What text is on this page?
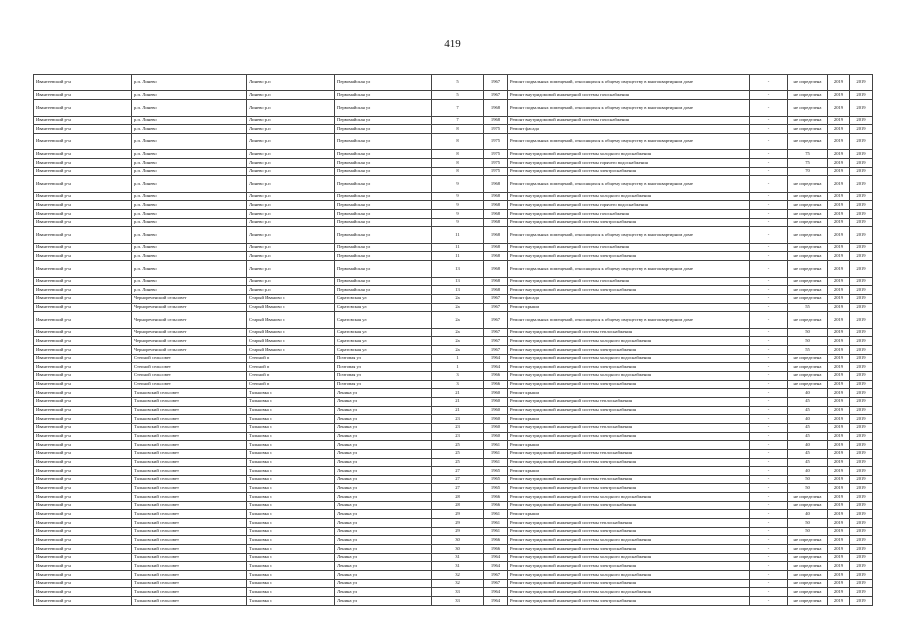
419
Ивантеевский р-н	р.п. Линево	Линево р.п	Первомайская ул	5	1967	Ремонт подвальных помещений, относящихся к общему имуществу в многоквартирном доме	-	не определена	2019	2019
Ивантеевский р-н	р.п. Линево	Линево р.п	Первомайская ул	5	1967	Ремонт внутридомовой инженерной системы газоснабжения	-	не определена	2019	2019
Ивантеевский р-н	р.п. Линево	Линево р.п	Первомайская ул	7	1968	Ремонт подвальных помещений, относящихся к общему имуществу в многоквартирном доме	-	не определена	2019	2019
Ивантеевский р-н	р.п. Линево	Линево р.п	Первомайская ул	7	1968	Ремонт внутридомовой инженерной системы газоснабжения	-	не определена	2019	2019
Ивантеевский р-н	р.п. Линево	Линево р.п	Первомайская ул	8	1975	Ремонт фасада	-	не определена	2019	2019
Ивантеевский р-н	р.п. Линево	Линево р.п	Первомайская ул	8	1975	Ремонт подвальных помещений, относящихся к общему имуществу в многоквартирном доме	-	не определена	2019	2019
Ивантеевский р-н	р.п. Линево	Линево р.п	Первомайская ул	8	1975	Ремонт внутридомовой инженерной системы холодного водоснабжения	-	75	2019	2019
Ивантеевский р-н	р.п. Линево	Линево р.п	Первомайская ул	8	1975	Ремонт внутридомовой инженерной системы горячего водоснабжения	-	75	2019	2019
Ивантеевский р-н	р.п. Линево	Линево р.п	Первомайская ул	8	1975	Ремонт внутридомовой инженерной системы электроснабжения	-	70	2019	2019
Ивантеевский р-н	р.п. Линево	Линево р.п	Первомайская ул	9	1968	Ремонт подвальных помещений, относящихся к общему имуществу в многоквартирном доме	-	не определена	2019	2019
Ивантеевский р-н	р.п. Линево	Линево р.п	Первомайская ул	9	1968	Ремонт внутридомовой инженерной системы холодного водоснабжения	-	не определена	2019	2019
Ивантеевский р-н	р.п. Линево	Линево р.п	Первомайская ул	9	1968	Ремонт внутридомовой инженерной системы горячего водоснабжения	-	не определена	2019	2019
Ивантеевский р-н	р.п. Линево	Линево р.п	Первомайская ул	9	1968	Ремонт внутридомовой инженерной системы газоснабжения	-	не определена	2019	2019
Ивантеевский р-н	р.п. Линево	Линево р.п	Первомайская ул	9	1968	Ремонт внутридомовой инженерной системы электроснабжения	-	не определена	2019	2019
Ивантеевский р-н	р.п. Линево	Линево р.п	Первомайская ул	11	1968	Ремонт подвальных помещений, относящихся к общему имуществу в многоквартирном доме	-	не определена	2019	2019
Ивантеевский р-н	р.п. Линево	Линево р.п	Первомайская ул	11	1968	Ремонт внутридомовой инженерной системы газоснабжения	-	не определена	2019	2019
Ивантеевский р-н	р.п. Линево	Линево р.п	Первомайская ул	11	1968	Ремонт внутридомовой инженерной системы электроснабжения	-	не определена	2019	2019
Ивантеевский р-н	р.п. Линево	Линево р.п	Первомайская ул	13	1968	Ремонт подвальных помещений, относящихся к общему имуществу в многоквартирном доме	-	не определена	2019	2019
Ивантеевский р-н	р.п. Линево	Линево р.п	Первомайская ул	13	1968	Ремонт внутридомовой инженерной системы газоснабжения	-	не определена	2019	2019
Ивантеевский р-н	р.п. Линево	Линево р.п	Первомайская ул	13	1968	Ремонт внутридомовой инженерной системы электроснабжения	-	не определена	2019	2019
Ивантеевский р-н	Чернореченский сельсовет	Старый Иваново с	Саратовская ул	2а	1967	Ремонт фасада	-	не определена	2019	2019
Ивантеевский р-н	Чернореченский сельсовет	Старый Иваново с	Саратовская ул	2а	1967	Ремонт крыши	-	55	2019	2019
Ивантеевский р-н	Чернореченский сельсовет	Старый Иваново с	Саратовская ул	2а	1967	Ремонт подвальных помещений, относящихся к общему имуществу в многоквартирном доме	-	не определена	2019	2019
Ивантеевский р-н	Чернореченский сельсовет	Старый Иваново с	Саратовская ул	2а	1967	Ремонт внутридомовой инженерной системы теплоснабжения	-	50	2019	2019
Ивантеевский р-н	Чернореченский сельсовет	Старый Иваново с	Саратовская ул	2а	1967	Ремонт внутридомовой инженерной системы холодного водоснабжения	-	50	2019	2019
Ивантеевский р-н	Чернореченский сельсовет	Старый Иваново с	Саратовская ул	2а	1967	Ремонт внутридомовой инженерной системы электроснабжения	-	55	2019	2019
Ивантеевский р-н	Степной сельсовет	Степной п	Почтовая ул	1	1964	Ремонт внутридомовой инженерной системы холодного водоснабжения	-	не определена	2019	2019
Ивантеевский р-н	Степной сельсовет	Степной п	Почтовая ул	1	1964	Ремонт внутридомовой инженерной системы электроснабжения	-	не определена	2019	2019
Ивантеевский р-н	Степной сельсовет	Степной п	Почтовая ул	3	1966	Ремонт внутридомовой инженерной системы холодного водоснабжения	-	не определена	2019	2019
Ивантеевский р-н	Степной сельсовет	Степной п	Почтовая ул	3	1966	Ремонт внутридомовой инженерной системы электроснабжения	-	не определена	2019	2019
Ивантеевский р-н	Тальковский сельсовет	Тальковка с	Ленина ул	21	1960	Ремонт крыши	-	40	2019	2019
Ивантеевский р-н	Тальковский сельсовет	Тальковка с	Ленина ул	21	1960	Ремонт внутридомовой инженерной системы теплоснабжения	-	45	2019	2019
Ивантеевский р-н	Тальковский сельсовет	Тальковка с	Ленина ул	21	1960	Ремонт внутридомовой инженерной системы электроснабжения	-	45	2019	2019
Ивантеевский р-н	Тальковский сельсовет	Тальковка с	Ленина ул	23	1960	Ремонт крыши	-	40	2019	2019
Ивантеевский р-н	Тальковский сельсовет	Тальковка с	Ленина ул	23	1960	Ремонт внутридомовой инженерной системы теплоснабжения	-	45	2019	2019
Ивантеевский р-н	Тальковский сельсовет	Тальковка с	Ленина ул	23	1960	Ремонт внутридомовой инженерной системы электроснабжения	-	45	2019	2019
Ивантеевский р-н	Тальковский сельсовет	Тальковка с	Ленина ул	25	1961	Ремонт крыши	-	40	2019	2019
Ивантеевский р-н	Тальковский сельсовет	Тальковка с	Ленина ул	25	1961	Ремонт внутридомовой инженерной системы теплоснабжения	-	45	2019	2019
Ивантеевский р-н	Тальковский сельсовет	Тальковка с	Ленина ул	25	1961	Ремонт внутридомовой инженерной системы электроснабжения	-	45	2019	2019
Ивантеевский р-н	Тальковский сельсовет	Тальковка с	Ленина ул	27	1965	Ремонт крыши	-	40	2019	2019
Ивантеевский р-н	Тальковский сельсовет	Тальковка с	Ленина ул	27	1965	Ремонт внутридомовой инженерной системы теплоснабжения	-	50	2019	2019
Ивантеевский р-н	Тальковский сельсовет	Тальковка с	Ленина ул	27	1965	Ремонт внутридомовой инженерной системы электроснабжения	-	50	2019	2019
Ивантеевский р-н	Тальковский сельсовет	Тальковка с	Ленина ул	28	1966	Ремонт внутридомовой инженерной системы холодного водоснабжения	-	не определена	2019	2019
Ивантеевский р-н	Тальковский сельсовет	Тальковка с	Ленина ул	28	1966	Ремонт внутридомовой инженерной системы электроснабжения	-	не определена	2019	2019
Ивантеевский р-н	Тальковский сельсовет	Тальковка с	Ленина ул	29	1961	Ремонт крыши	-	40	2019	2019
Ивантеевский р-н	Тальковский сельсовет	Тальковка с	Ленина ул	29	1961	Ремонт внутридомовой инженерной системы теплоснабжения	-	50	2019	2019
Ивантеевский р-н	Тальковский сельсовет	Тальковка с	Ленина ул	29	1961	Ремонт внутридомовой инженерной системы электроснабжения	-	50	2019	2019
Ивантеевский р-н	Тальковский сельсовет	Тальковка с	Ленина ул	30	1966	Ремонт внутридомовой инженерной системы холодного водоснабжения	-	не определена	2019	2019
Ивантеевский р-н	Тальковский сельсовет	Тальковка с	Ленина ул	30	1966	Ремонт внутридомовой инженерной системы электроснабжения	-	не определена	2019	2019
Ивантеевский р-н	Тальковский сельсовет	Тальковка с	Ленина ул	31	1964	Ремонт внутридомовой инженерной системы холодного водоснабжения	-	не определена	2019	2019
Ивантеевский р-н	Тальковский сельсовет	Тальковка с	Ленина ул	31	1964	Ремонт внутридомовой инженерной системы электроснабжения	-	не определена	2019	2019
Ивантеевский р-н	Тальковский сельсовет	Тальковка с	Ленина ул	32	1967	Ремонт внутридомовой инженерной системы холодного водоснабжения	-	не определена	2019	2019
Ивантеевский р-н	Тальковский сельсовет	Тальковка с	Ленина ул	32	1967	Ремонт внутридомовой инженерной системы электроснабжения	-	не определена	2019	2019
Ивантеевский р-н	Тальковский сельсовет	Тальковка с	Ленина ул	33	1964	Ремонт внутридомовой инженерной системы холодного водоснабжения	-	не определена	2019	2019
Ивантеевский р-н	Тальковский сельсовет	Тальковка с	Ленина ул	33	1964	Ремонт внутридомовой инженерной системы электроснабжения	-	не определена	2019	2019
